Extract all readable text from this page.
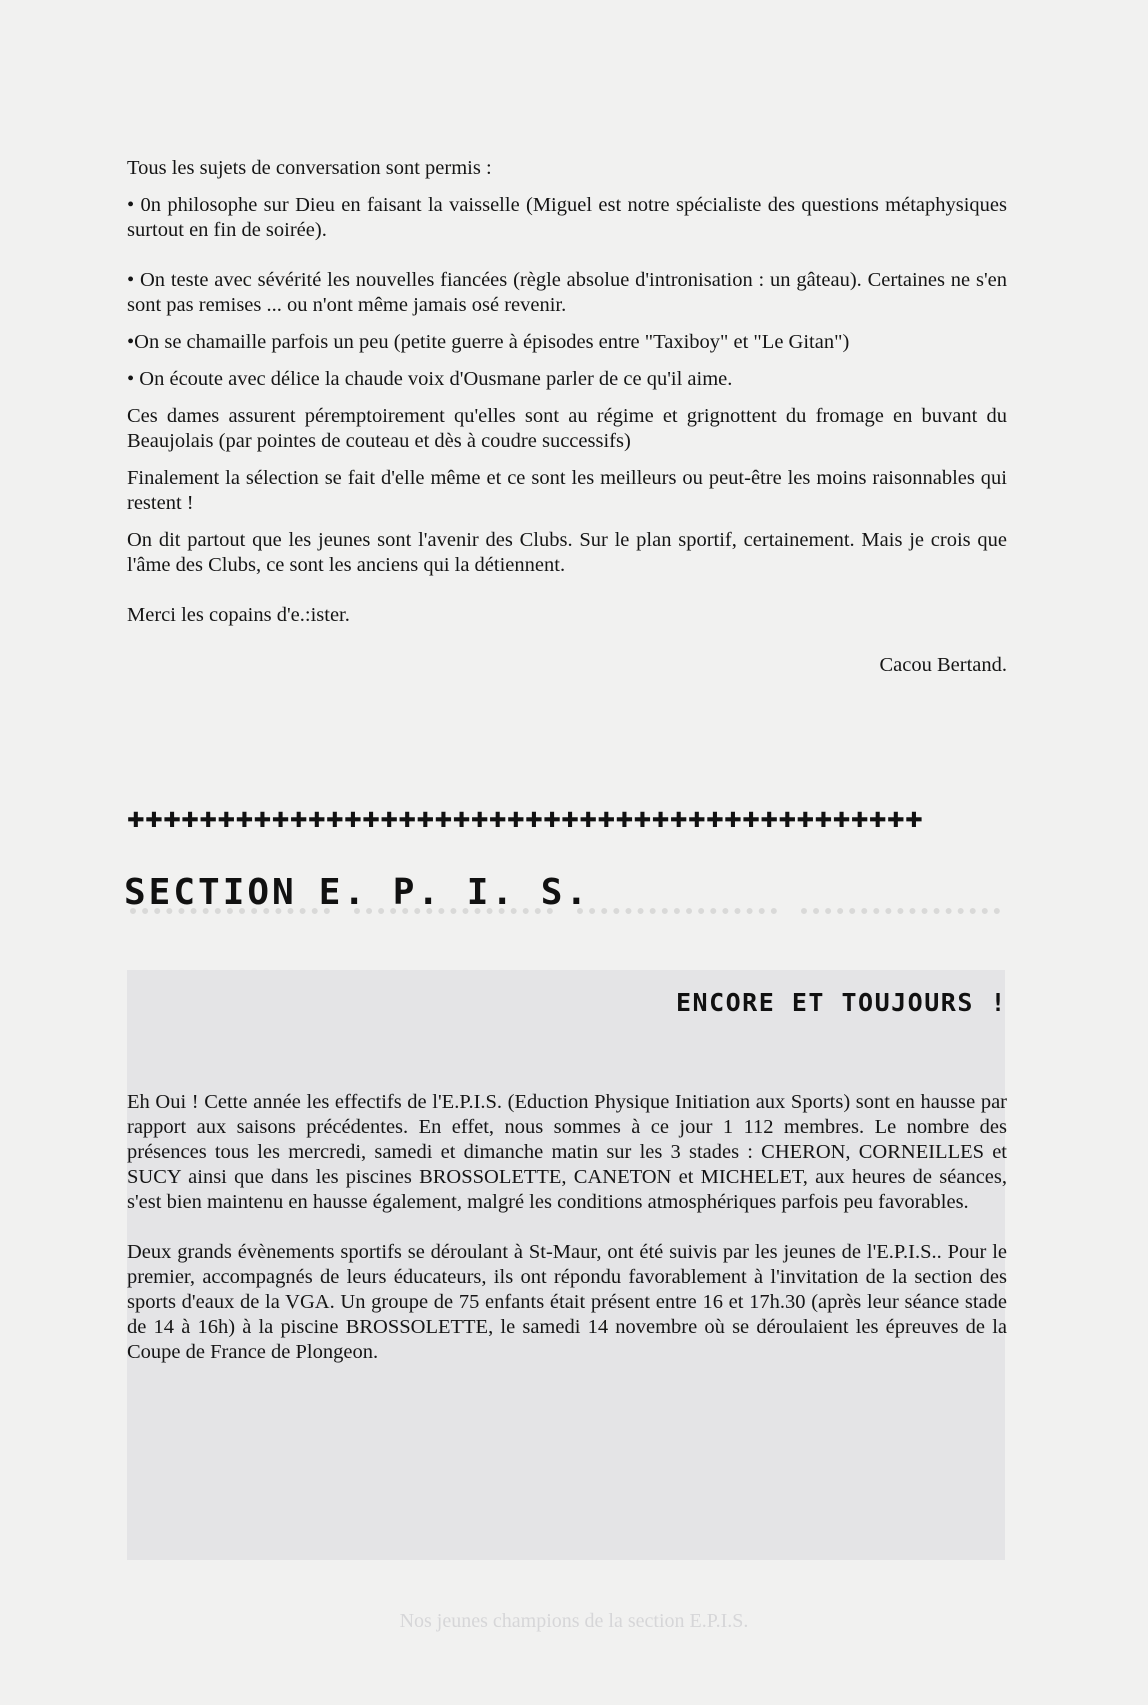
Nos jeunes champions de la section E.P.I.S.

Tous les sujets de conversation sont permis :

• 0n philosophe sur Dieu en faisant la vaisselle (Miguel est notre spécialiste des questions métaphysiques surtout en fin de soirée).

• On teste avec sévérité les nouvelles fiancées (règle absolue d'intronisation : un gâteau). Certaines ne s'en sont pas remises ... ou n'ont même jamais osé revenir.

•On se chamaille parfois un peu (petite guerre à épisodes entre "Taxiboy" et "Le Gitan")

• On écoute avec délice la chaude voix d'Ousmane parler de ce qu'il aime.

Ces dames assurent péremptoirement qu'elles sont au régime et grignottent du fromage en buvant du Beaujolais (par pointes de couteau et dès à coudre successifs)

Finalement la sélection se fait d'elle même et ce sont les meilleurs ou peut-être les moins raisonnables qui restent !

On dit partout que les jeunes sont l'avenir des Clubs. Sur le plan sportif, certainement. Mais je crois que l'âme des Clubs, ce sont les anciens qui la détiennent.

Merci les copains d'e.:ister.

Cacou Bertand.

✚✚✚✚✚✚✚✚✚✚✚✚✚✚✚✚✚✚✚✚✚✚✚✚✚✚✚✚✚✚✚✚✚✚✚✚✚✚✚✚✚✚✚✚
SECTION E. P. I. S.
ENCORE ET TOUJOURS !

Eh Oui ! Cette année les effectifs de l'E.P.I.S. (Eduction Physique Initiation aux Sports) sont en hausse par rapport aux saisons précédentes. En effet, nous sommes à ce jour 1 112 membres. Le nombre des présences tous les mercredi, samedi et dimanche matin sur les 3 stades : CHERON, CORNEILLES et SUCY ainsi que dans les piscines BROSSOLETTE, CANETON et MICHELET, aux heures de séances, s'est bien maintenu en hausse également, malgré les conditions atmosphériques parfois peu favorables.

Deux grands évènements sportifs se déroulant à St-Maur, ont été suivis par les jeunes de l'E.P.I.S.. Pour le premier, accompagnés de leurs éducateurs, ils ont répondu favorablement à l'invitation de la section des sports d'eaux de la VGA. Un groupe de 75 enfants était présent entre 16 et 17h.30 (après leur séance stade de 14 à 16h) à la piscine BROSSOLETTE, le samedi 14 novembre où se déroulaient les épreuves de la Coupe de France de Plongeon.
